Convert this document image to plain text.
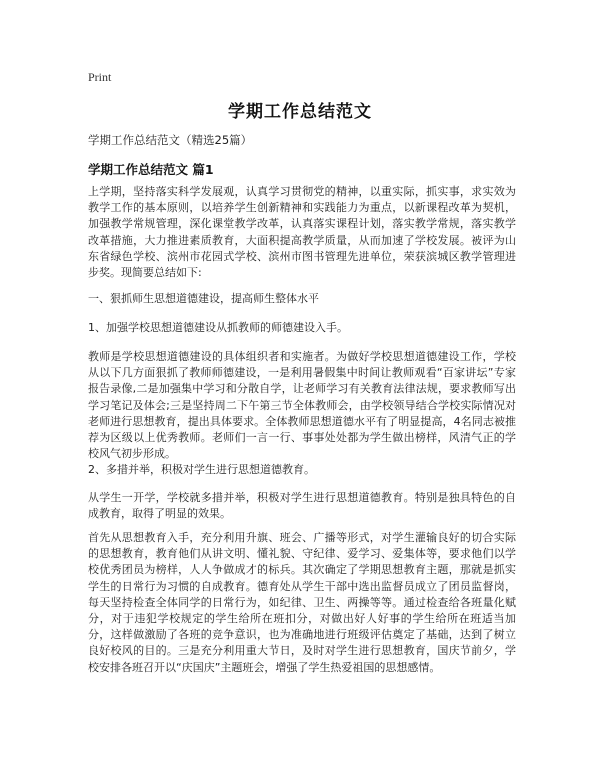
Print
学期工作总结范文
学期工作总结范文（精选25篇）
学期工作总结范文 篇1

上学期，坚持落实科学发展观，认真学习贯彻党的精神，以重实际，抓实事，求实效为教学工作的基本原则，以培养学生创新精神和实践能力为重点，以新课程改革为契机，加强教学常规管理，深化课堂教学改革，认真落实课程计划，落实教学常规，落实教学改革措施，大力推进素质教育，大面积提高教学质量，从而加速了学校发展。被评为山东省绿色学校、滨州市花园式学校、滨州市图书管理先进单位，荣获滨城区教学管理进步奖。现简要总结如下:

一、狠抓师生思想道德建设，提高师生整体水平

1、加强学校思想道德建设从抓教师的师德建设入手。

教师是学校思想道德建设的具体组织者和实施者。为做好学校思想道德建设工作，学校从以下几方面狠抓了教师师德建设，一是利用暑假集中时间让教师观看“百家讲坛”专家报告录像,二是加强集中学习和分散自学，让老师学习有关教育法律法规，要求教师写出学习笔记及体会;三是坚持周二下午第三节全体教师会，由学校领导结合学校实际情况对老师进行思想教育，提出具体要求。全体教师思想道德水平有了明显提高，4名同志被推荐为区级以上优秀教师。老师们一言一行、事事处处都为学生做出榜样，风清气正的学校风气初步形成。

2、多措并举，积极对学生进行思想道德教育。

从学生一开学，学校就多措并举，积极对学生进行思想道德教育。特别是独具特色的自成教育，取得了明显的效果。

首先从思想教育入手，充分利用升旗、班会、广播等形式，对学生灌输良好的切合实际的思想教育，教育他们从讲文明、懂礼貌、守纪律、爱学习、爱集体等，要求他们以学校优秀团员为榜样，人人争做成才的标兵。其次确定了学期思想教育主题，那就是抓实学生的日常行为习惯的自成教育。德育处从学生干部中选出监督员成立了团员监督岗，每天坚持检查全体同学的日常行为，如纪律、卫生、两操等等。通过检查给各班量化赋分，对于违犯学校规定的学生给所在班扣分，对做出好人好事的学生给所在班适当加分，这样做激励了各班的竞争意识，也为准确地进行班级评估奠定了基础，达到了树立良好校风的目的。三是充分利用重大节日，及时对学生进行思想教育，国庆节前夕，学校安排各班召开以“庆国庆”主题班会，增强了学生热爱祖国的思想感情。
